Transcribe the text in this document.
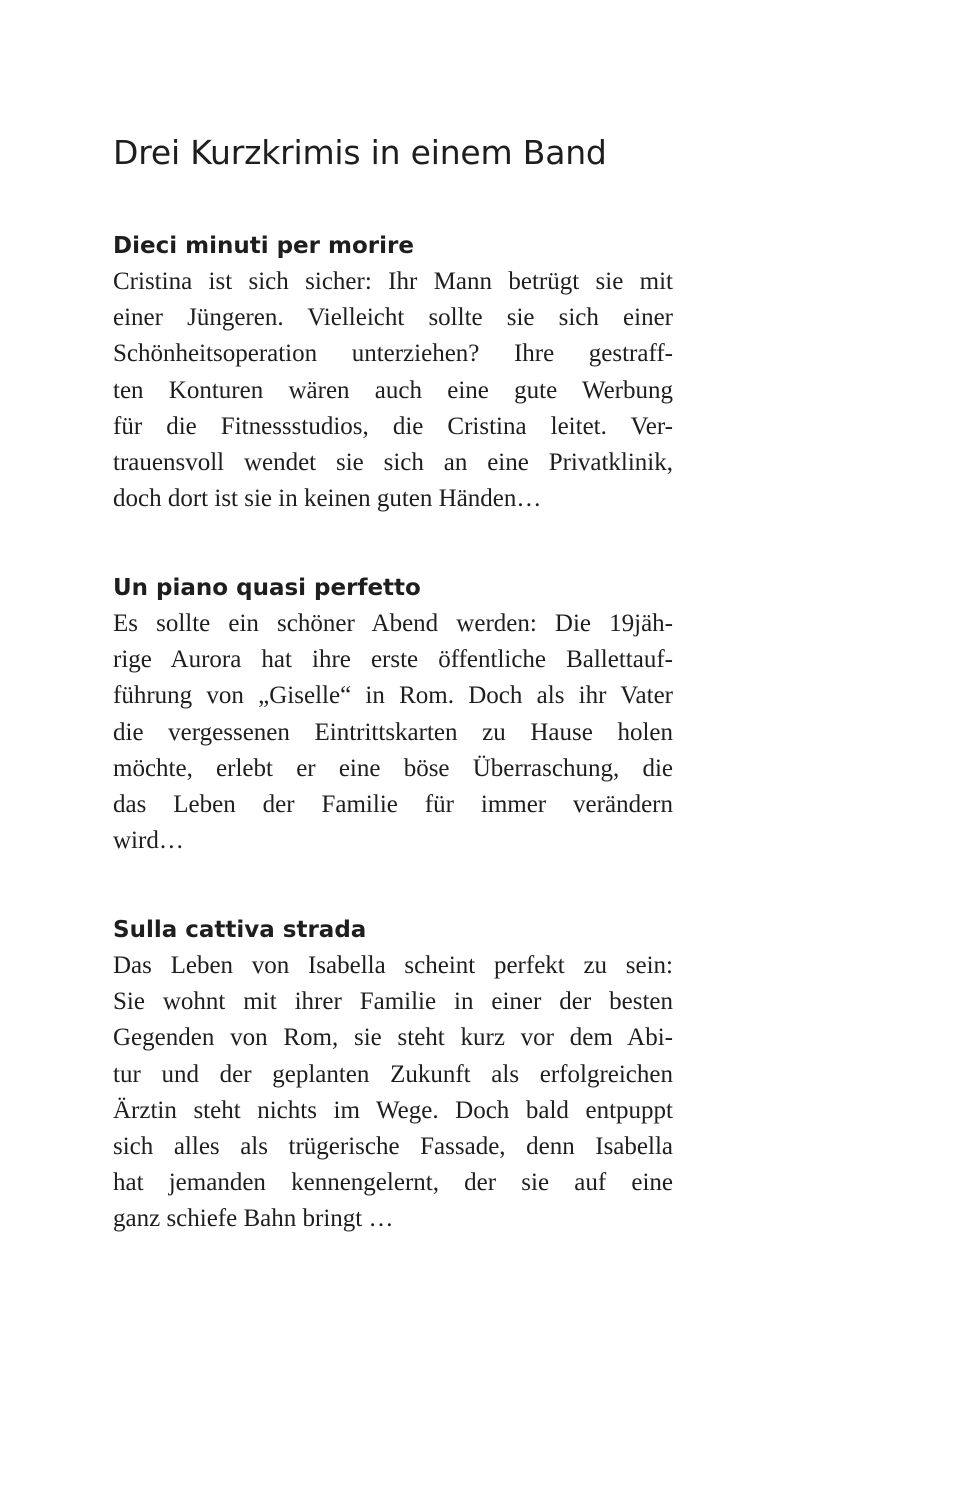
Drei Kurzkrimis in einem Band
Dieci minuti per morire
Cristina ist sich sicher: Ihr Mann betrügt sie mit
einer Jüngeren. Vielleicht sollte sie sich einer
Schönheitsoperation unterziehen? Ihre gestraff-
ten Konturen wären auch eine gute Werbung
für die Fitnessstudios, die Cristina leitet. Ver-
trauensvoll wendet sie sich an eine Privatklinik,
doch dort ist sie in keinen guten Händen…
Un piano quasi perfetto
Es sollte ein schöner Abend werden: Die 19jäh-
rige Aurora hat ihre erste öffentliche Ballettauf-
führung von „Giselle“ in Rom. Doch als ihr Vater
die vergessenen Eintrittskarten zu Hause holen
möchte, erlebt er eine böse Überraschung, die
das Leben der Familie für immer verändern
wird…
Sulla cattiva strada
Das Leben von Isabella scheint perfekt zu sein:
Sie wohnt mit ihrer Familie in einer der besten
Gegenden von Rom, sie steht kurz vor dem Abi-
tur und der geplanten Zukunft als erfolgreichen
Ärztin steht nichts im Wege. Doch bald entpuppt
sich alles als trügerische Fassade, denn Isabella
hat jemanden kennengelernt, der sie auf eine
ganz schiefe Bahn bringt …
